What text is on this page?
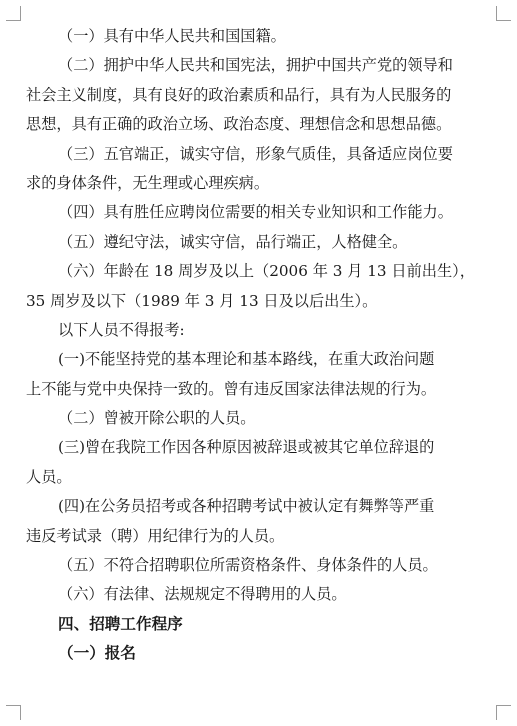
（一）具有中华人民共和国国籍。
（二）拥护中华人民共和国宪法，拥护中国共产党的领导和
社会主义制度，具有良好的政治素质和品行，具有为人民服务的
思想，具有正确的政治立场、政治态度、理想信念和思想品德。
（三）五官端正，诚实守信，形象气质佳，具备适应岗位要
求的身体条件，无生理或心理疾病。
（四）具有胜任应聘岗位需要的相关专业知识和工作能力。
（五）遵纪守法，诚实守信，品行端正，人格健全。
（六）年龄在 18 周岁及以上（2006 年 3 月 13 日前出生），
35 周岁及以下（1989 年 3 月 13 日及以后出生）。
以下人员不得报考:
(一)不能坚持党的基本理论和基本路线，在重大政治问题
上不能与党中央保持一致的。曾有违反国家法律法规的行为。
（二）曾被开除公职的人员。
(三)曾在我院工作因各种原因被辞退或被其它单位辞退的
人员。
(四)在公务员招考或各种招聘考试中被认定有舞弊等严重
违反考试录（聘）用纪律行为的人员。
（五）不符合招聘职位所需资格条件、身体条件的人员。
（六）有法律、法规规定不得聘用的人员。
四、招聘工作程序
（一）报名
